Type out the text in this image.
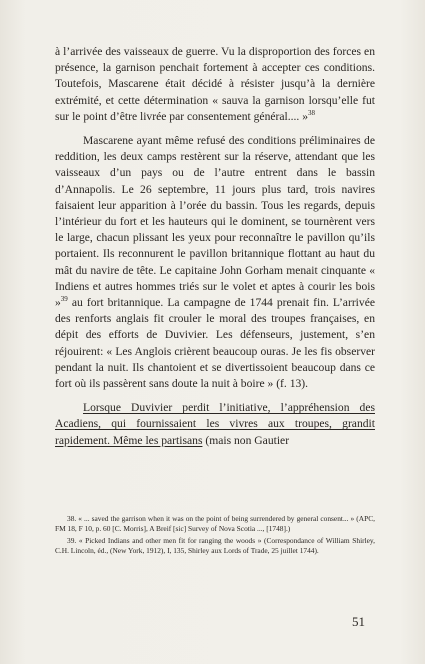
à l’arrivée des vaisseaux de guerre. Vu la disproportion des forces en présence, la garnison penchait fortement à accepter ces conditions. Toutefois, Mascarene était décidé à résister jusqu’à la dernière extrémité, et cette détermination « sauva la garnison lorsqu’elle fut sur le point d’être livrée par consentement général.... »$^{38}$

Mascarene ayant même refusé des conditions préliminaires de reddition, les deux camps restèrent sur la réserve, attendant que les vaisseaux d’un pays ou de l’autre entrent dans le bassin d’Annapolis. Le 26 septembre, 11 jours plus tard, trois navires faisaient leur apparition à l’orée du bassin. Tous les regards, depuis l’intérieur du fort et les hauteurs qui le dominent, se tournèrent vers le large, chacun plissant les yeux pour reconnaître le pavillon qu’ils portaient. Ils reconnurent le pavillon britannique flottant au haut du mât du navire de tête. Le capitaine John Gorham menait cinquante « Indiens et autres hommes triés sur le volet et aptes à courir les bois »$^{39}$ au fort britannique. La campagne de 1744 prenait fin. L’arrivée des renforts anglais fit crouler le moral des troupes françaises, en dépit des efforts de Duvivier. Les défenseurs, justement, s’en réjouirent: « Les Anglois crièrent beaucoup ouras. Je les fis observer pendant la nuit. Ils chantoient et se divertissoient beaucoup dans ce fort où ils passèrent sans doute la nuit à boire » (f. 13).

Lorsque Duvivier perdit l’initiative, l’appréhension des Acadiens, qui fournissaient les vivres aux troupes, grandit rapidement. Même les partisans (mais non Gautier

38. « ... saved the garrison when it was on the point of being surrendered by general consent... » (APC, FM 18, F 10, p. 60 [C. Morris], A Breif [sic] Survey of Nova Scotia ..., [1748].)

39. « Picked Indians and other men fit for ranging the woods » (Correspondance of William Shirley, C.H. Lincoln, éd., (New York, 1912), I, 135, Shirley aux Lords of Trade, 25 juillet 1744).

51
